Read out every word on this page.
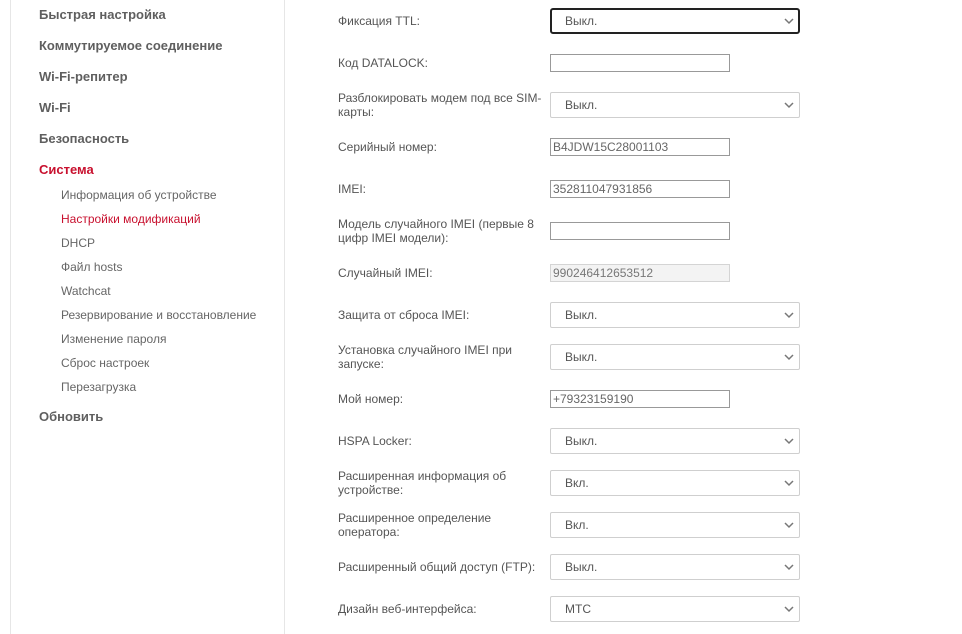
Быстрая настройка
Коммутируемое соединение
Wi-Fi-репитер
Wi-Fi
Безопасность
Система
Информация об устройстве
Настройки модификаций
DHCP
Файл hosts
Watchcat
Резервирование и восстановление
Изменение пароля
Сброс настроек
Перезагрузка
Обновить
Фиксация TTL:	Выкл.
Код DATALOCK:
Разблокировать модем под все SIM-карты:	Выкл.
Серийный номер:	B4JDW15C28001103
IMEI:	352811047931856
Модель случайного IMEI (первые 8 цифр IMEI модели):
Случайный IMEI:	990246412653512
Защита от сброса IMEI:	Выкл.
Установка случайного IMEI при запуске:	Выкл.
Мой номер:	+79323159190
HSPA Locker:	Выкл.
Расширенная информация об устройстве:	Вкл.
Расширенное определение оператора:	Вкл.
Расширенный общий доступ (FTP):	Выкл.
Дизайн веб-интерфейса:	МТС
